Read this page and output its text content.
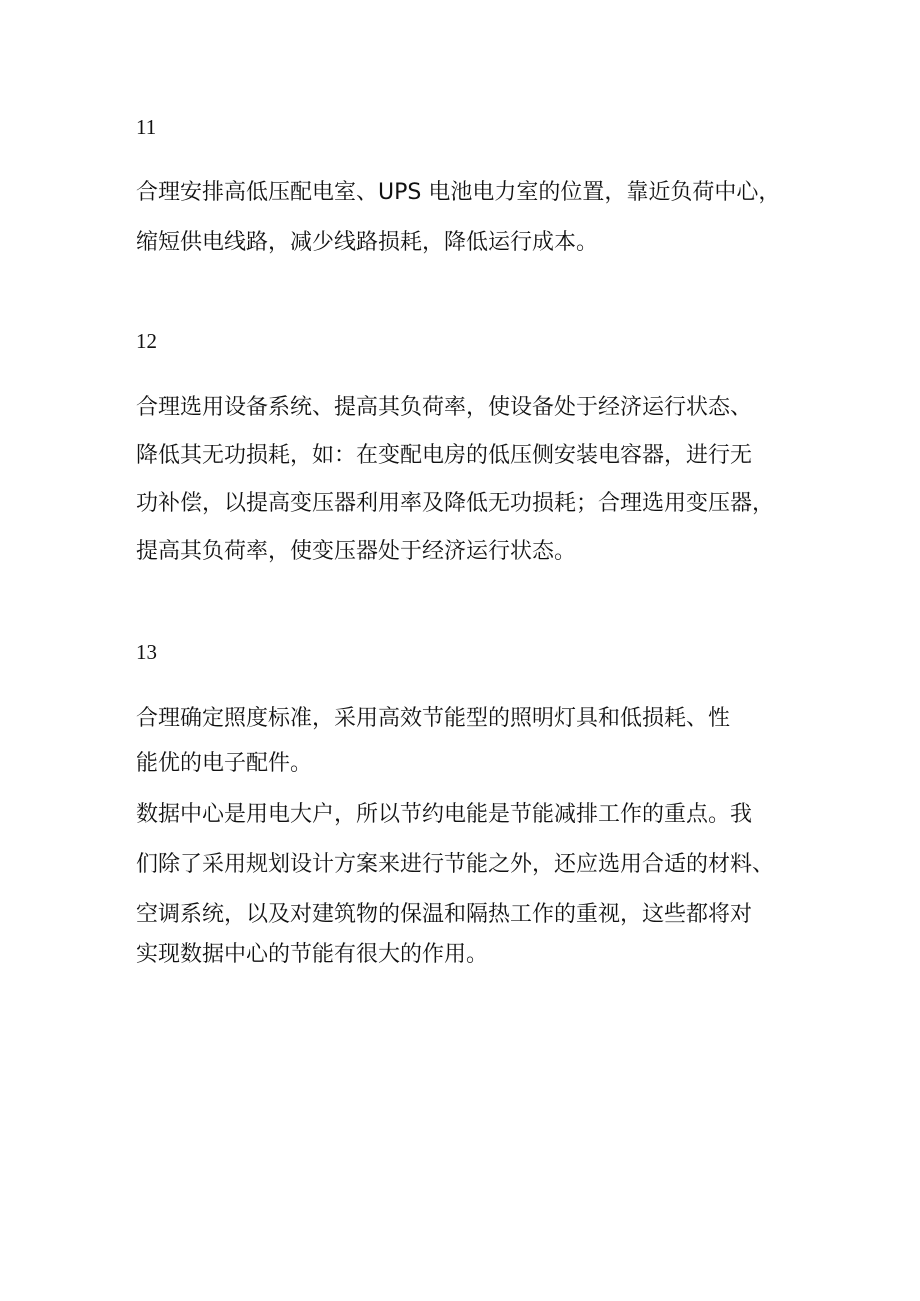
11

合理安排高低压配电室、UPS 电池电力室的位置，靠近负荷中心，

缩短供电线路，减少线路损耗，降低运行成本。

12

合理选用设备系统、提高其负荷率，使设备处于经济运行状态、

降低其无功损耗，如：在变配电房的低压侧安装电容器，进行无

功补偿，以提高变压器利用率及降低无功损耗；合理选用变压器，

提高其负荷率，使变压器处于经济运行状态。

13

合理确定照度标准，采用高效节能型的照明灯具和低损耗、性

能优的电子配件。

数据中心是用电大户，所以节约电能是节能减排工作的重点。我

们除了采用规划设计方案来进行节能之外，还应选用合适的材料、

空调系统，以及对建筑物的保温和隔热工作的重视，这些都将对

实现数据中心的节能有很大的作用。
